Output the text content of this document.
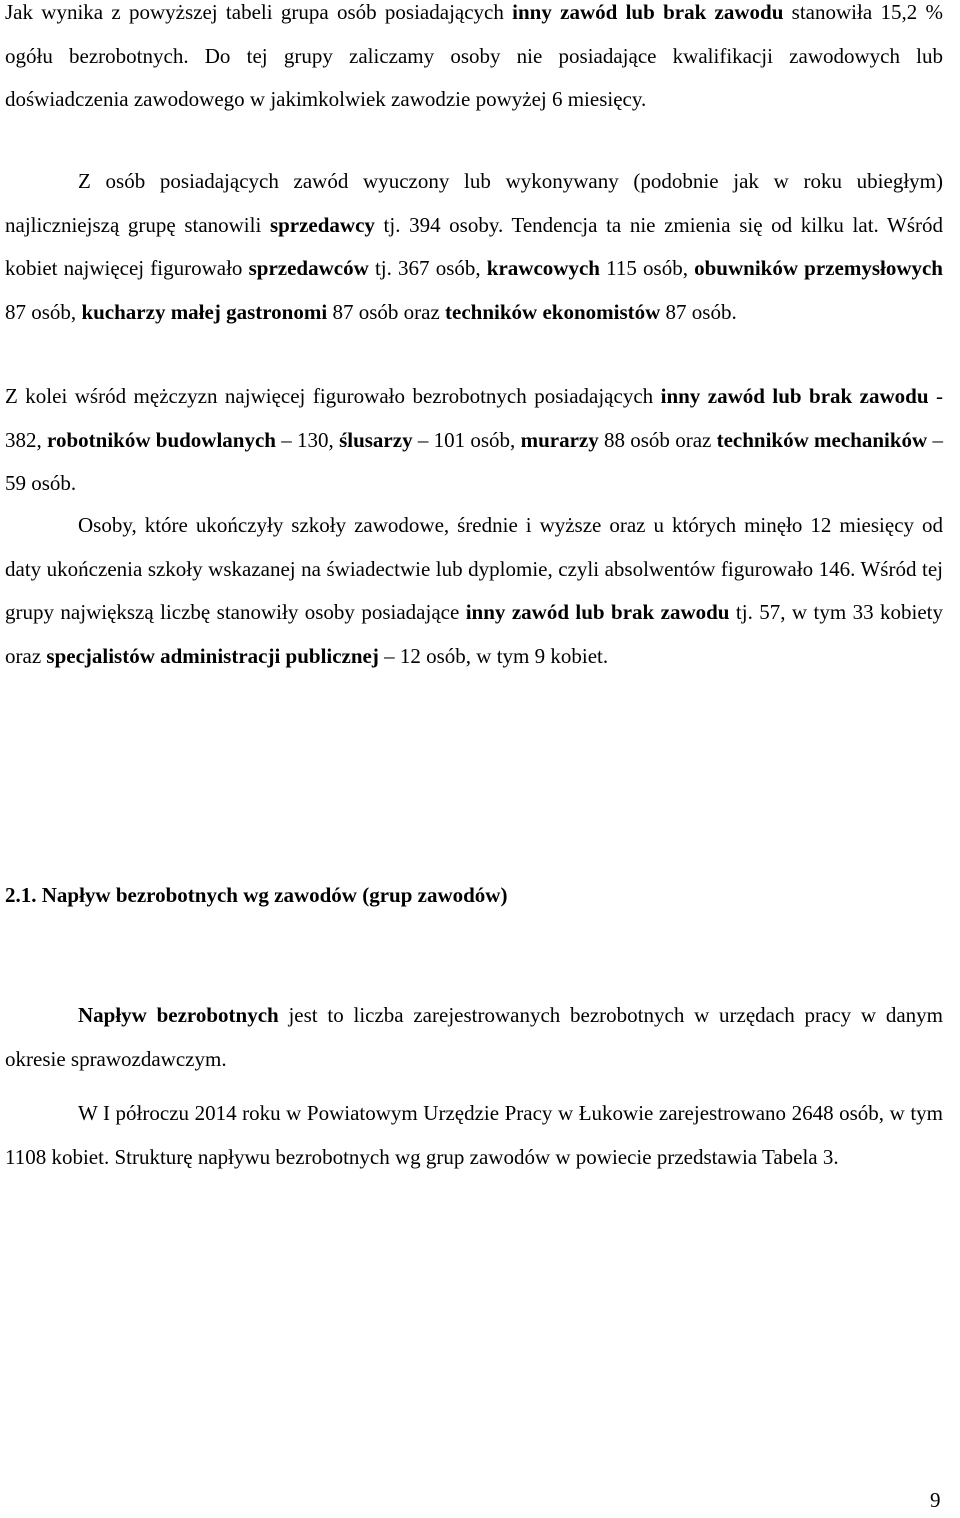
Jak wynika z powyższej tabeli grupa osób posiadających inny zawód lub brak zawodu stanowiła 15,2 % ogółu bezrobotnych. Do tej grupy zaliczamy osoby nie posiadające kwalifikacji zawodowych lub doświadczenia zawodowego w jakimkolwiek zawodzie powyżej 6 miesięcy.

Z osób posiadających zawód wyuczony lub wykonywany (podobnie jak w roku ubiegłym) najliczniejszą grupę stanowili sprzedawcy tj. 394 osoby. Tendencja ta nie zmienia się od kilku lat. Wśród kobiet najwięcej figurowało sprzedawców tj. 367 osób, krawcowych 115 osób, obuwników przemysłowych 87 osób, kucharzy małej gastronomi 87 osób oraz techników ekonomistów 87 osób.

Z kolei wśród mężczyzn najwięcej figurowało bezrobotnych posiadających inny zawód lub brak zawodu - 382, robotników budowlanych – 130, ślusarzy – 101 osób, murarzy 88 osób oraz techników mechaników – 59 osób.

Osoby, które ukończyły szkoły zawodowe, średnie i wyższe oraz u których minęło 12 miesięcy od daty ukończenia szkoły wskazanej na świadectwie lub dyplomie, czyli absolwentów figurowało 146. Wśród tej grupy największą liczbę stanowiły osoby posiadające inny zawód lub brak zawodu tj. 57, w tym 33 kobiety oraz specjalistów administracji publicznej – 12 osób, w tym 9 kobiet.

2.1. Napływ bezrobotnych wg zawodów (grup zawodów)

Napływ bezrobotnych jest to liczba zarejestrowanych bezrobotnych w urzędach pracy w danym okresie sprawozdawczym.

W I półroczu 2014 roku w Powiatowym Urzędzie Pracy w Łukowie zarejestrowano 2648 osób, w tym 1108 kobiet. Strukturę napływu bezrobotnych wg grup zawodów w powiecie przedstawia Tabela 3.

9
